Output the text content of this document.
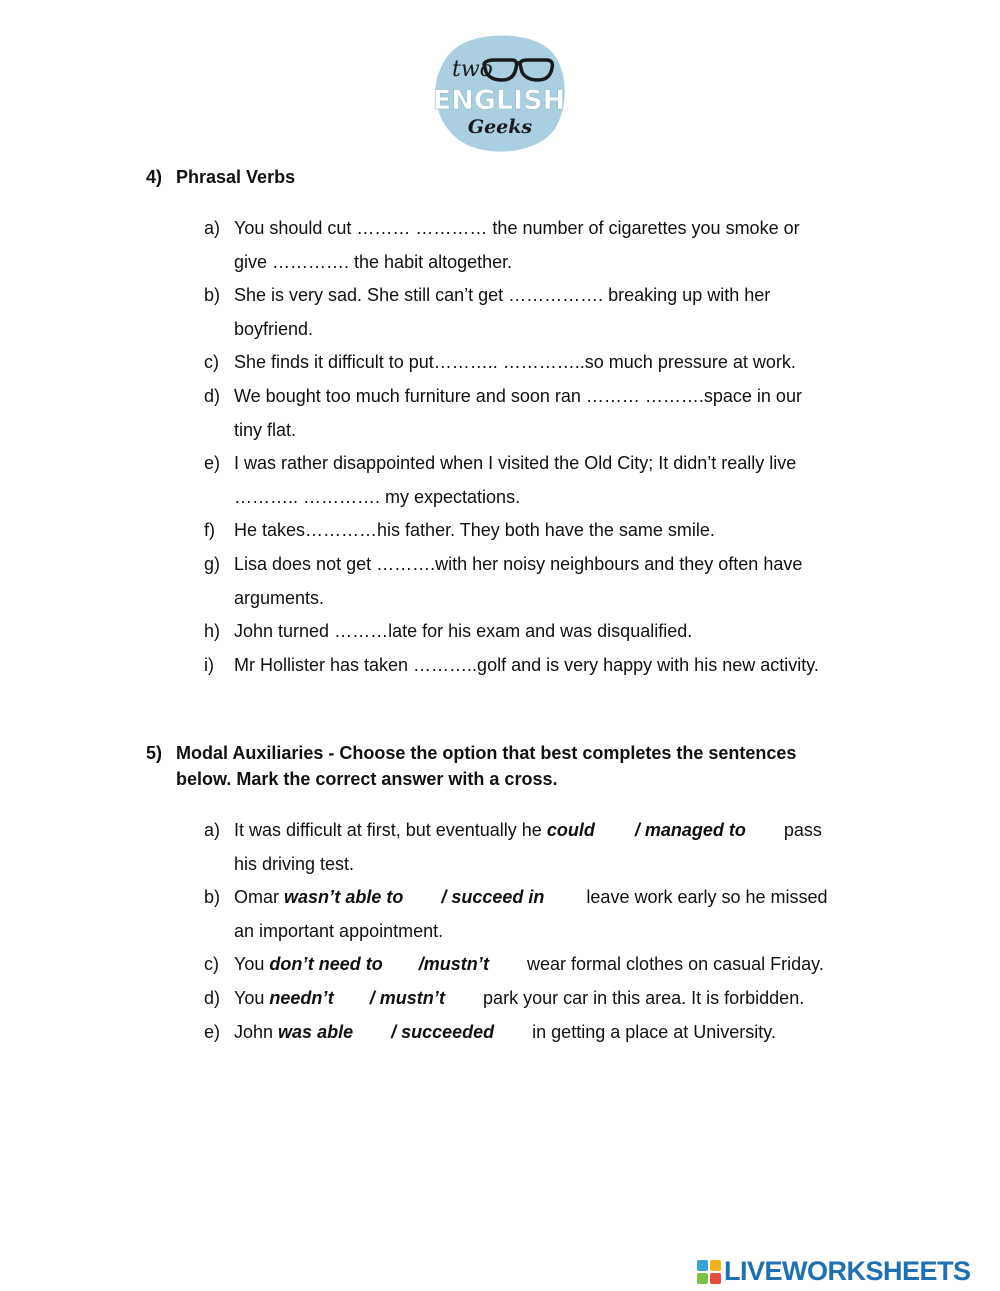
two
ENGLISH
Geeks
4) Phrasal Verbs
a) You should cut ……… ………… the number of cigarettes you smoke or
give …………. the habit altogether.
b) She is very sad. She still can’t get ……………. breaking up with her
boyfriend.
c) She finds it difficult to put……….. …………..so much pressure at work.
d) We bought too much furniture and soon ran ……… ……….space in our
tiny flat.
e) I was rather disappointed when I visited the Old City; It didn’t really live
……….. …………. my expectations.
f)	He takes…………his father. They both have the same smile.
g) Lisa does not get ……….with her noisy neighbours and they often have
arguments.
h) John turned ………late for his exam and was disqualified.
i)	Mr Hollister has taken ………..golf and is very happy with his new activity.
5) Modal Auxiliaries - Choose the option that best completes the sentences
below. Mark the correct answer with a cross.
a) It was difficult at first, but eventually he could / managed to pass
his driving test.
b) Omar wasn’t able to / succeed in leave work early so he missed
an important appointment.
c) You don’t need to /mustn’t wear formal clothes on casual Friday.
d) You needn’t / mustn’t park your car in this area. It is forbidden.
e) John was able / succeeded in getting a place at University.
LIVEWORKSHEETS
